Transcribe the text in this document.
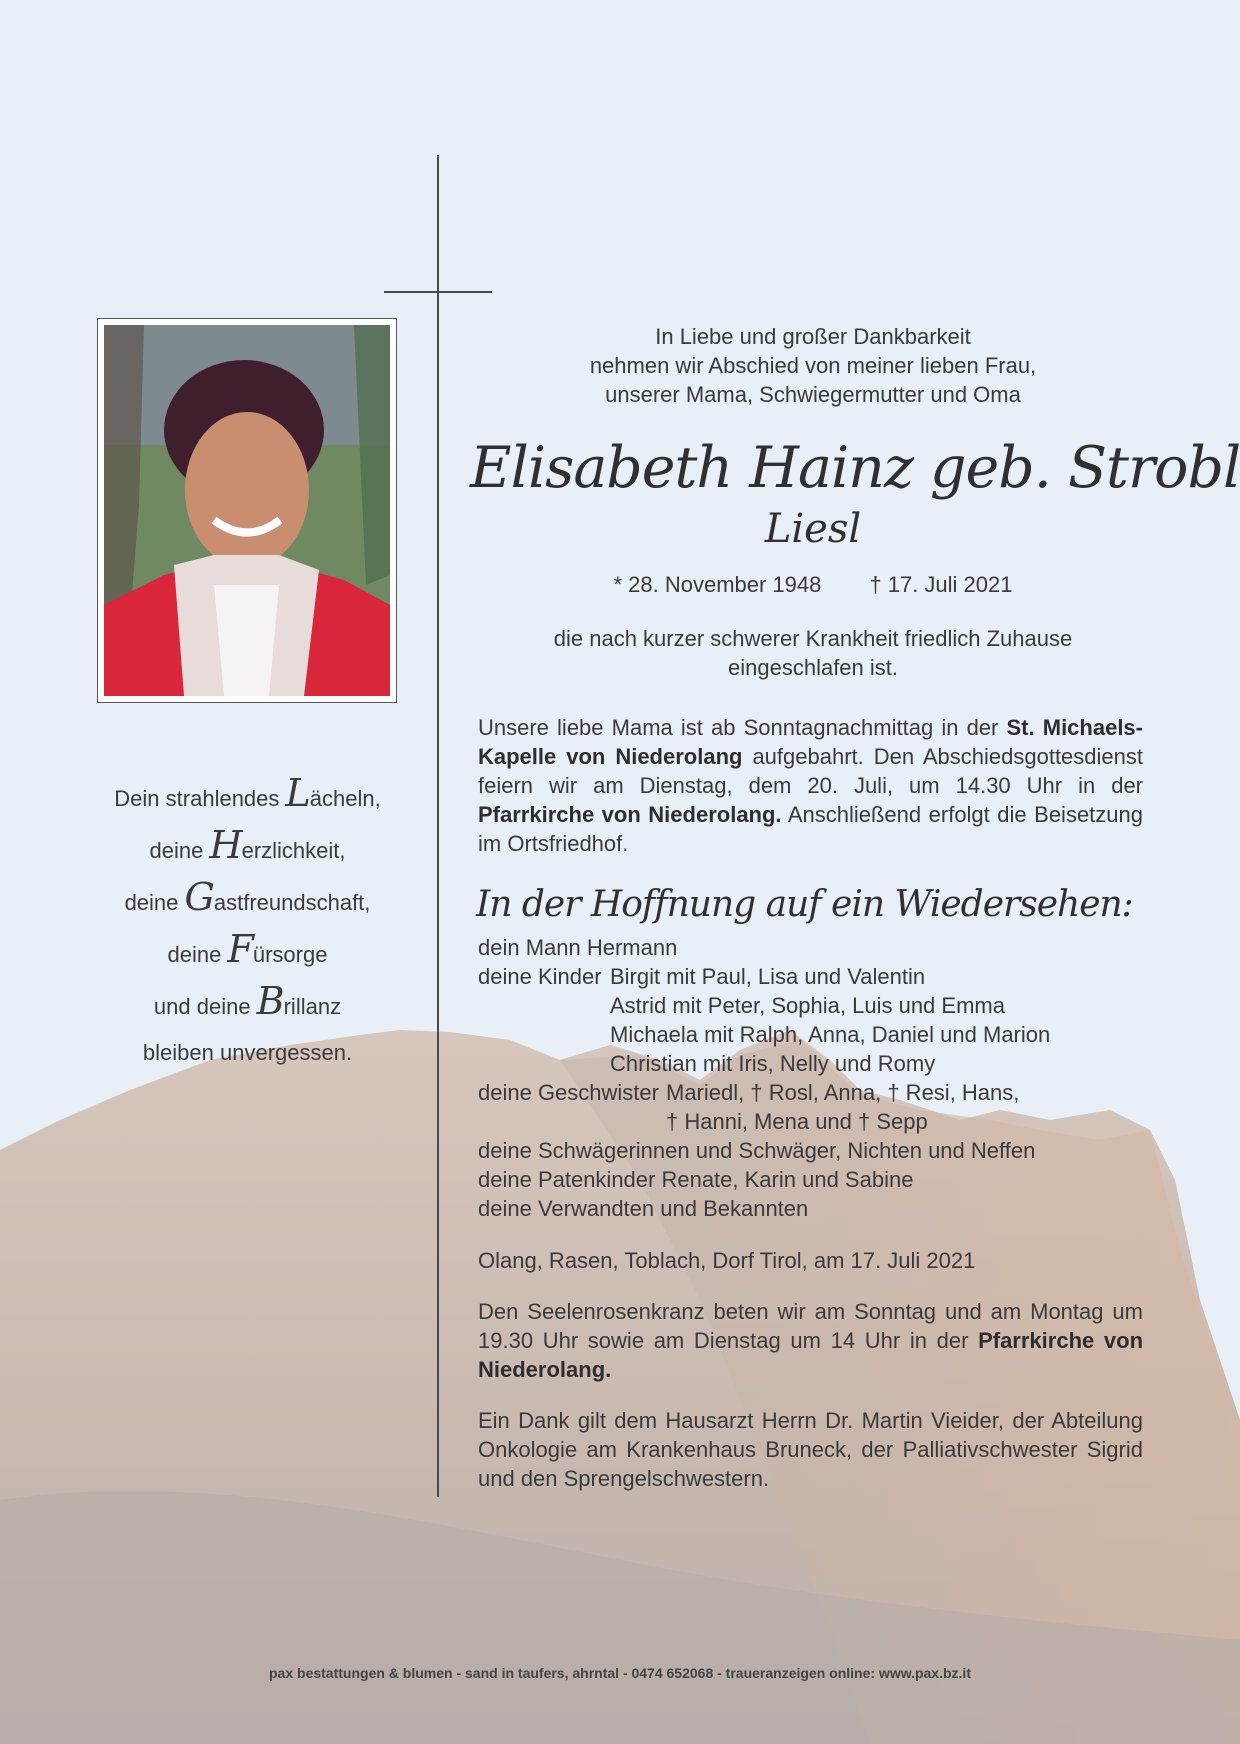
Dein strahlendes Lächeln,
deine Herzlichkeit,
deine Gastfreundschaft,
deine Fürsorge
und deine Brillanz
bleiben unvergessen.
In Liebe und großer Dankbarkeit
nehmen wir Abschied von meiner lieben Frau,
unserer Mama, Schwiegermutter und Oma
Elisabeth Hainz geb. Strobl
Liesl
* 28. November 1948 † 17. Juli 2021
die nach kurzer schwerer Krankheit friedlich Zuhause
eingeschlafen ist.
Unsere liebe Mama ist ab Sonntagnachmittag in der St. Michaels-Kapelle von Niederolang aufgebahrt. Den Abschiedsgottesdienst feiern wir am Dienstag, dem 20. Juli, um 14.30 Uhr in der Pfarrkirche von Niederolang. Anschließend erfolgt die Beisetzung im Ortsfriedhof.
In der Hoffnung auf ein Wiedersehen:
dein Mann Hermann
deine Kinder Birgit mit Paul, Lisa und Valentin
Astrid mit Peter, Sophia, Luis und Emma
Michaela mit Ralph, Anna, Daniel und Marion
Christian mit Iris, Nelly und Romy
deine Geschwister Mariedl, † Rosl, Anna, † Resi, Hans,
† Hanni, Mena und † Sepp
deine Schwägerinnen und Schwäger, Nichten und Neffen
deine Patenkinder Renate, Karin und Sabine
deine Verwandten und Bekannten
Olang, Rasen, Toblach, Dorf Tirol, am 17. Juli 2021
Den Seelenrosenkranz beten wir am Sonntag und am Montag um 19.30 Uhr sowie am Dienstag um 14 Uhr in der Pfarrkirche von Niederolang.
Ein Dank gilt dem Hausarzt Herrn Dr. Martin Vieider, der Abteilung Onkologie am Krankenhaus Bruneck, der Palliativschwester Sigrid und den Sprengelschwestern.
pax bestattungen & blumen - sand in taufers, ahrntal - 0474 652068 - traueranzeigen online: www.pax.bz.it
